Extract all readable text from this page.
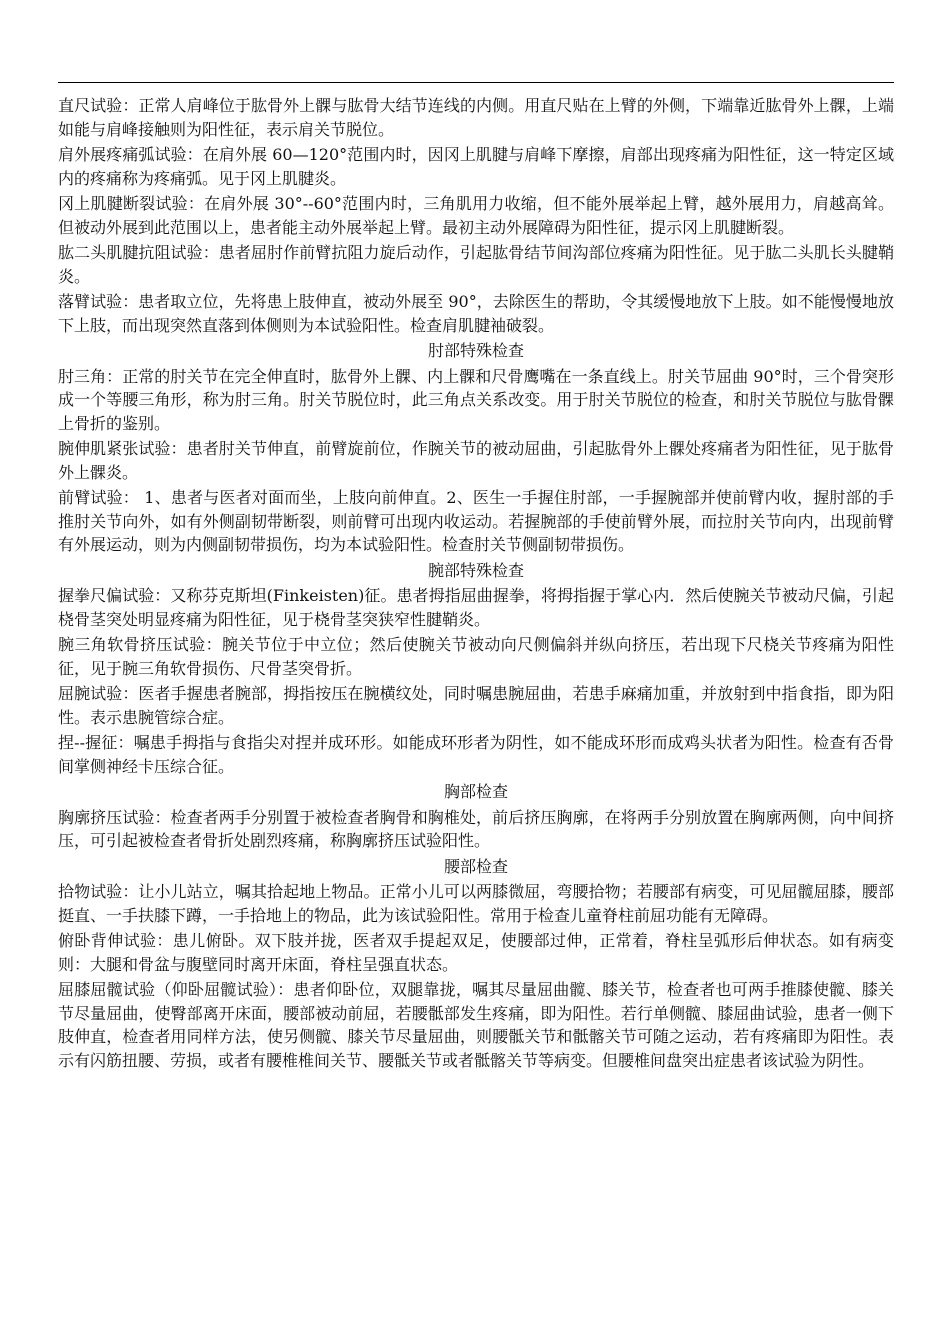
直尺试验：正常人肩峰位于肱骨外上髁与肱骨大结节连线的内侧。用直尺贴在上臂的外侧，下端靠近肱骨外上髁，上端如能与肩峰接触则为阳性征，表示肩关节脱位。

肩外展疼痛弧试验：在肩外展 60—120°范围内时，因冈上肌腱与肩峰下摩擦，肩部出现疼痛为阳性征，这一特定区域内的疼痛称为疼痛弧。见于冈上肌腱炎。

冈上肌腱断裂试验：在肩外展 30°--60°范围内时，三角肌用力收缩，但不能外展举起上臂，越外展用力，肩越高耸。但被动外展到此范围以上，患者能主动外展举起上臂。最初主动外展障碍为阳性征，提示冈上肌腱断裂。

肱二头肌腱抗阻试验：患者屈肘作前臂抗阻力旋后动作，引起肱骨结节间沟部位疼痛为阳性征。见于肱二头肌长头腱鞘炎。

落臂试验：患者取立位，先将患上肢伸直，被动外展至 90°，去除医生的帮助，令其缓慢地放下上肢。如不能慢慢地放下上肢，而出现突然直落到体侧则为本试验阳性。检查肩肌腱袖破裂。

肘部特殊检查

肘三角：正常的肘关节在完全伸直时，肱骨外上髁、内上髁和尺骨鹰嘴在一条直线上。肘关节屈曲 90°时，三个骨突形成一个等腰三角形，称为肘三角。肘关节脱位时，此三角点关系改变。用于肘关节脱位的检查，和肘关节脱位与肱骨髁上骨折的鉴别。

腕伸肌紧张试验：患者肘关节伸直，前臂旋前位，作腕关节的被动屈曲，引起肱骨外上髁处疼痛者为阳性征，见于肱骨外上髁炎。

前臂试验： 1、患者与医者对面而坐，上肢向前伸直。2、医生一手握住肘部，一手握腕部并使前臂内收，握肘部的手推肘关节向外，如有外侧副韧带断裂，则前臂可出现内收运动。若握腕部的手使前臂外展，而拉肘关节向内，出现前臂有外展运动，则为内侧副韧带损伤，均为本试验阳性。检查肘关节侧副韧带损伤。

腕部特殊检查

握拳尺偏试验：又称芬克斯坦(Finkeisten)征。患者拇指屈曲握拳，将拇指握于掌心内．然后使腕关节被动尺偏，引起桡骨茎突处明显疼痛为阳性征，见于桡骨茎突狭窄性腱鞘炎。

腕三角软骨挤压试验：腕关节位于中立位；然后使腕关节被动向尺侧偏斜并纵向挤压，若出现下尺桡关节疼痛为阳性征，见于腕三角软骨损伤、尺骨茎突骨折。

屈腕试验：医者手握患者腕部，拇指按压在腕横纹处，同时嘱患腕屈曲，若患手麻痛加重，并放射到中指食指，即为阳性。表示患腕管综合症。

捏--握征：嘱患手拇指与食指尖对捏并成环形。如能成环形者为阴性，如不能成环形而成鸡头状者为阳性。检查有否骨间掌侧神经卡压综合征。

胸部检查

胸廓挤压试验：检查者两手分别置于被检查者胸骨和胸椎处，前后挤压胸廓，在将两手分别放置在胸廓两侧，向中间挤压，可引起被检查者骨折处剧烈疼痛，称胸廓挤压试验阳性。

腰部检查

拾物试验：让小儿站立，嘱其拾起地上物品。正常小儿可以两膝微屈，弯腰拾物；若腰部有病变，可见屈髋屈膝，腰部挺直、一手扶膝下蹲，一手拾地上的物品，此为该试验阳性。常用于检查儿童脊柱前屈功能有无障碍。

俯卧背伸试验：患儿俯卧。双下肢并拢，医者双手提起双足，使腰部过伸，正常着，脊柱呈弧形后伸状态。如有病变则：大腿和骨盆与腹壁同时离开床面，脊柱呈强直状态。

屈膝屈髋试验（仰卧屈髋试验）：患者仰卧位，双腿靠拢，嘱其尽量屈曲髋、膝关节，检查者也可两手推膝使髋、膝关节尽量屈曲，使臀部离开床面，腰部被动前屈，若腰骶部发生疼痛，即为阳性。若行单侧髋、膝屈曲试验，患者一侧下肢伸直，检查者用同样方法，使另侧髋、膝关节尽量屈曲，则腰骶关节和骶髂关节可随之运动，若有疼痛即为阳性。表示有闪筋扭腰、劳损，或者有腰椎椎间关节、腰骶关节或者骶髂关节等病变。但腰椎间盘突出症患者该试验为阴性。
